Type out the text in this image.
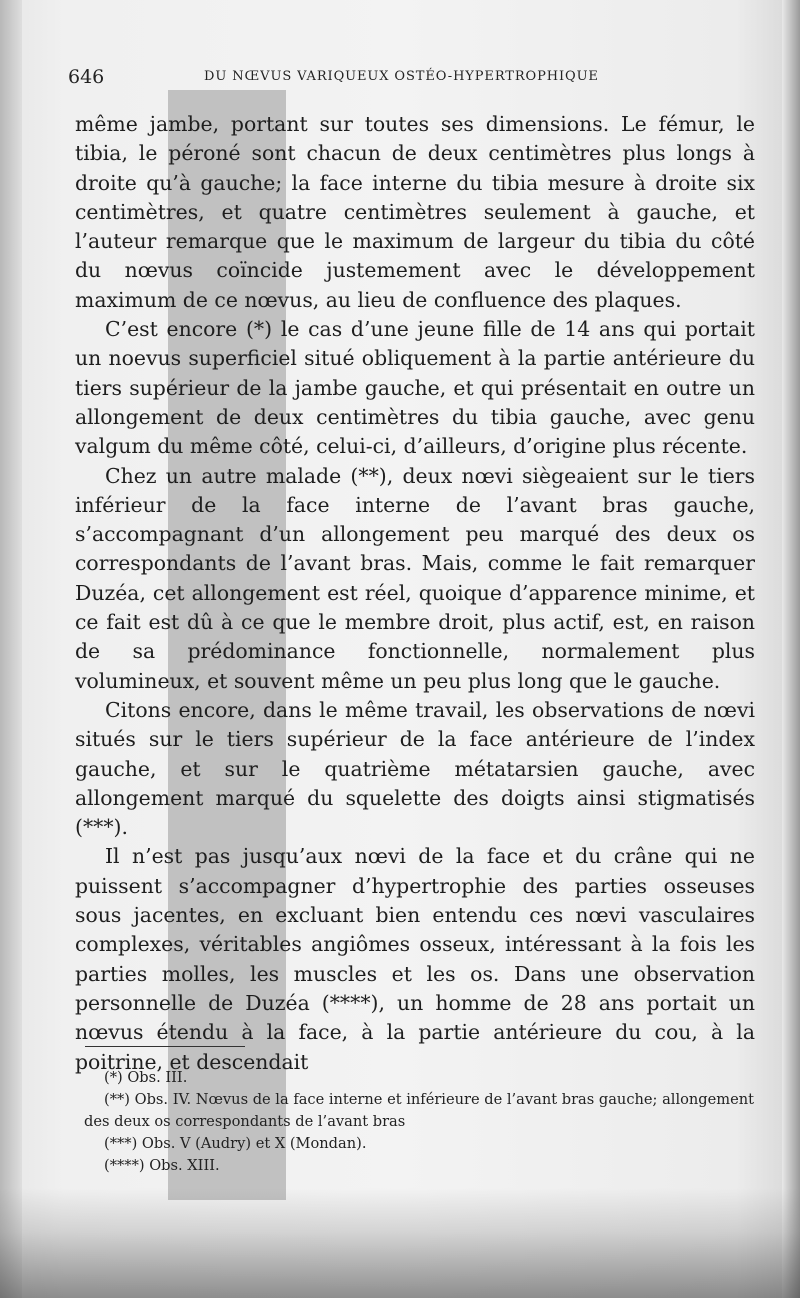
646	DU NŒVUS VARIQUEUX OSTÉO-HYPERTROPHIQUE

même jambe, portant sur toutes ses dimensions. Le fémur, le tibia, le péroné sont chacun de deux centimètres plus longs à droite qu’à gauche; la face interne du tibia mesure à droite six centimètres, et quatre centimètres seulement à gauche, et l’auteur remarque que le maximum de largeur du tibia du côté du nœvus coïncide justemement avec le développement maximum de ce nœvus, au lieu de confluence des plaques.

C’est encore (*) le cas d’une jeune fille de 14 ans qui portait un noevus superficiel situé obliquement à la partie antérieure du tiers supérieur de la jambe gauche, et qui présentait en outre un allongement de deux centimètres du tibia gauche, avec genu valgum du même côté, celui-ci, d’ailleurs, d’origine plus récente.

Chez un autre malade (**), deux nœvi siègeaient sur le tiers inférieur de la face interne de l’avant bras gauche, s’accompagnant d’un allongement peu marqué des deux os correspondants de l’avant bras. Mais, comme le fait remarquer Duzéa, cet allongement est réel, quoique d’apparence minime, et ce fait est dû à ce que le membre droit, plus actif, est, en raison de sa prédominance fonctionnelle, normalement plus volumineux, et souvent même un peu plus long que le gauche.

Citons encore, dans le même travail, les observations de nœvi situés sur le tiers supérieur de la face antérieure de l’index gauche, et sur le quatrième métatarsien gauche, avec allongement marqué du squelette des doigts ainsi stigmatisés (***).

Il n’est pas jusqu’aux nœvi de la face et du crâne qui ne puissent s’accompagner d’hypertrophie des parties osseuses sous jacentes, en excluant bien entendu ces nœvi vasculaires complexes, véritables angiômes osseux, intéressant à la fois les parties molles, les muscles et les os. Dans une observation personnelle de Duzéa (****), un homme de 28 ans portait un nœvus étendu à la face, à la partie antérieure du cou, à la poitrine, et descendait

(*) Obs. III.

(**) Obs. IV. Nœvus de la face interne et inférieure de l’avant bras gauche; allongement des deux os correspondants de l’avant bras

(***) Obs. V (Audry) et X (Mondan).

(****) Obs. XIII.
